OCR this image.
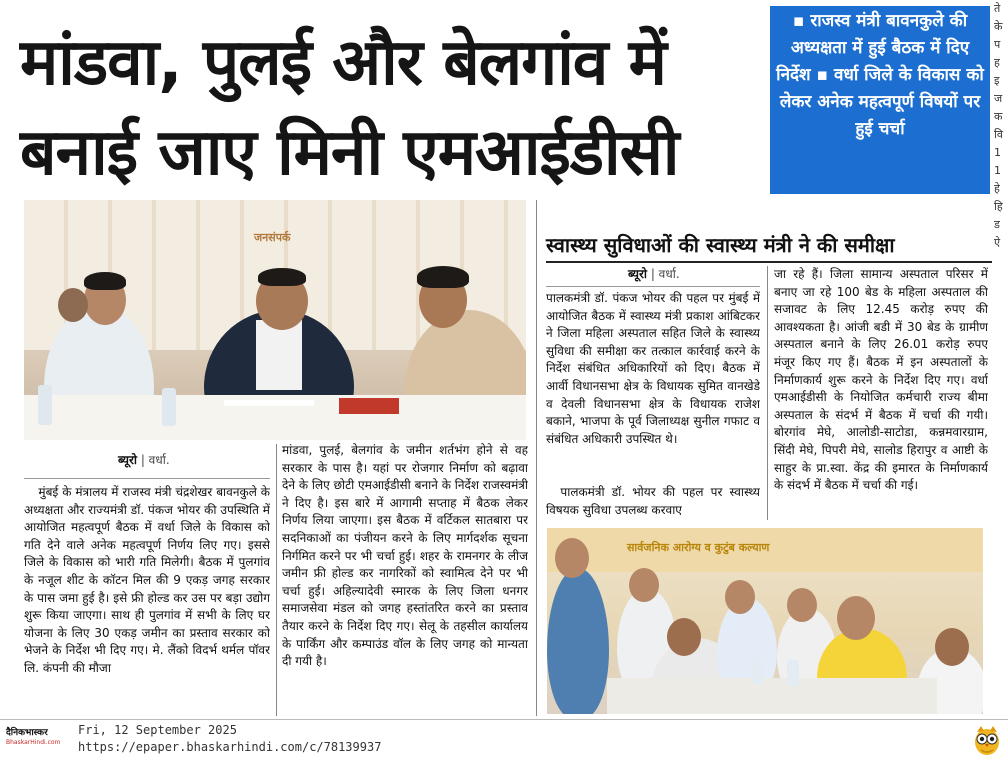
मांडवा, पुलई और बेलगांव में
बनाई जाए मिनी एमआईडीसी
▪ राजस्व मंत्री बावनकुले की अध्यक्षता में हुई बैठक में दिए निर्देश ▪ वर्धा जिले के विकास को लेकर अनेक महत्वपूर्ण विषयों पर हुई चर्चा
ते के प ह इ ज क वि 1 1 हे हि ड ऐ
जनसंपर्क
ब्यूरो | वर्धा.

मुंबई के मंत्रालय में राजस्व मंत्री चंद्रशेखर बावनकुले के अध्यक्षता और राज्यमंत्री डॉ. पंकज भोयर की उपस्थिति में आयोजित महत्वपूर्ण बैठक में वर्धा जिले के विकास को गति देने वाले अनेक महत्वपूर्ण निर्णय लिए गए। इससे जिले के विकास को भारी गति मिलेगी। बैठक में पुलगांव के नजूल शीट के कॉटन मिल की 9 एकड़ जगह सरकार के पास जमा हुई है। इसे फ्री होल्ड कर उस पर बड़ा उद्योग शुरू किया जाएगा। साथ ही पुलगांव में सभी के लिए घर योजना के लिए 30 एकड़ जमीन का प्रस्ताव सरकार को भेजने के निर्देश भी दिए गए। मे. लैंको विदर्भ थर्मल पॉवर लि. कंपनी की मौजा

मांडवा, पुलई, बेलगांव के जमीन शर्तभंग होने से वह सरकार के पास है। यहां पर रोजगार निर्माण को बढ़ावा देने के लिए छोटी एमआईडीसी बनाने के निर्देश राजस्वमंत्री ने दिए है। इस बारे में आगामी सप्ताह में बैठक लेकर निर्णय लिया जाएगा। इस बैठक में वर्टिकल सातबारा पर सदनिकाओं का पंजीयन करने के लिए मार्गदर्शक सूचना निर्गमित करने पर भी चर्चा हुई। शहर के रामनगर के लीज जमीन फ्री होल्ड कर नागरिकों को स्वामित्व देने पर भी चर्चा हुई। अहिल्यादेवी स्मारक के लिए जिला धनगर समाजसेवा मंडल को जगह हस्तांतरित करने का प्रस्ताव तैयार करने के निर्देश दिए गए। सेलू के तहसील कार्यालय के पार्किंग और कम्पाउंड वॉल के लिए जगह को मान्यता दी गयी है।

स्वास्थ्य सुविधाओं की स्वास्थ्य मंत्री ने की समीक्षा
ब्यूरो | वर्धा.

पालकमंत्री डॉ. पंकज भोयर की पहल पर मुंबई में आयोजित बैठक में स्वास्थ्य मंत्री प्रकाश आंबिटकर ने जिला महिला अस्पताल सहित जिले के स्वास्थ्य सुविधा की समीक्षा कर तत्काल कार्रवाई करने के निर्देश संबंधित अधिकारियों को दिए। बैठक में आर्वी विधानसभा क्षेत्र के विधायक सुमित वानखेडे व देवली विधानसभा क्षेत्र के विधायक राजेश बकाने, भाजपा के पूर्व जिलाध्यक्ष सुनील गफाट व संबंधित अधिकारी उपस्थित थे।

पालकमंत्री डॉ. भोयर की पहल पर स्वास्थ्य विषयक सुविधा उपलब्ध करवाए

जा रहे हैं। जिला सामान्य अस्पताल परिसर में बनाए जा रहे 100 बेड के महिला अस्पताल की सजावट के लिए 12.45 करोड़ रुपए की आवश्यकता है। आंजी बडी में 30 बेड के ग्रामीण अस्पताल बनाने के लिए 26.01 करोड़ रुपए मंजूर किए गए हैं। बैठक में इन अस्पतालों के निर्माणकार्य शुरू करने के निर्देश दिए गए। वर्धा एमआईडीसी के नियोजित कर्मचारी राज्य बीमा अस्पताल के संदर्भ में बैठक में चर्चा की गयी। बोरगांव मेघे, आलोडी-साटोडा, कन्नमवारग्राम, सिंदी मेघे, पिपरी मेघे, सालोड हिरापुर व आष्टी के साहुर के प्रा.स्वा. केंद्र की इमारत के निर्माणकार्य के संदर्भ में बैठक में चर्चा की गई।

सार्वजनिक आरोग्य व कुटुंब कल्याण
दैनिकभास्कर
BhaskarHindi.com
Fri, 12 September 2025
https://epaper.bhaskarhindi.com/c/78139937
